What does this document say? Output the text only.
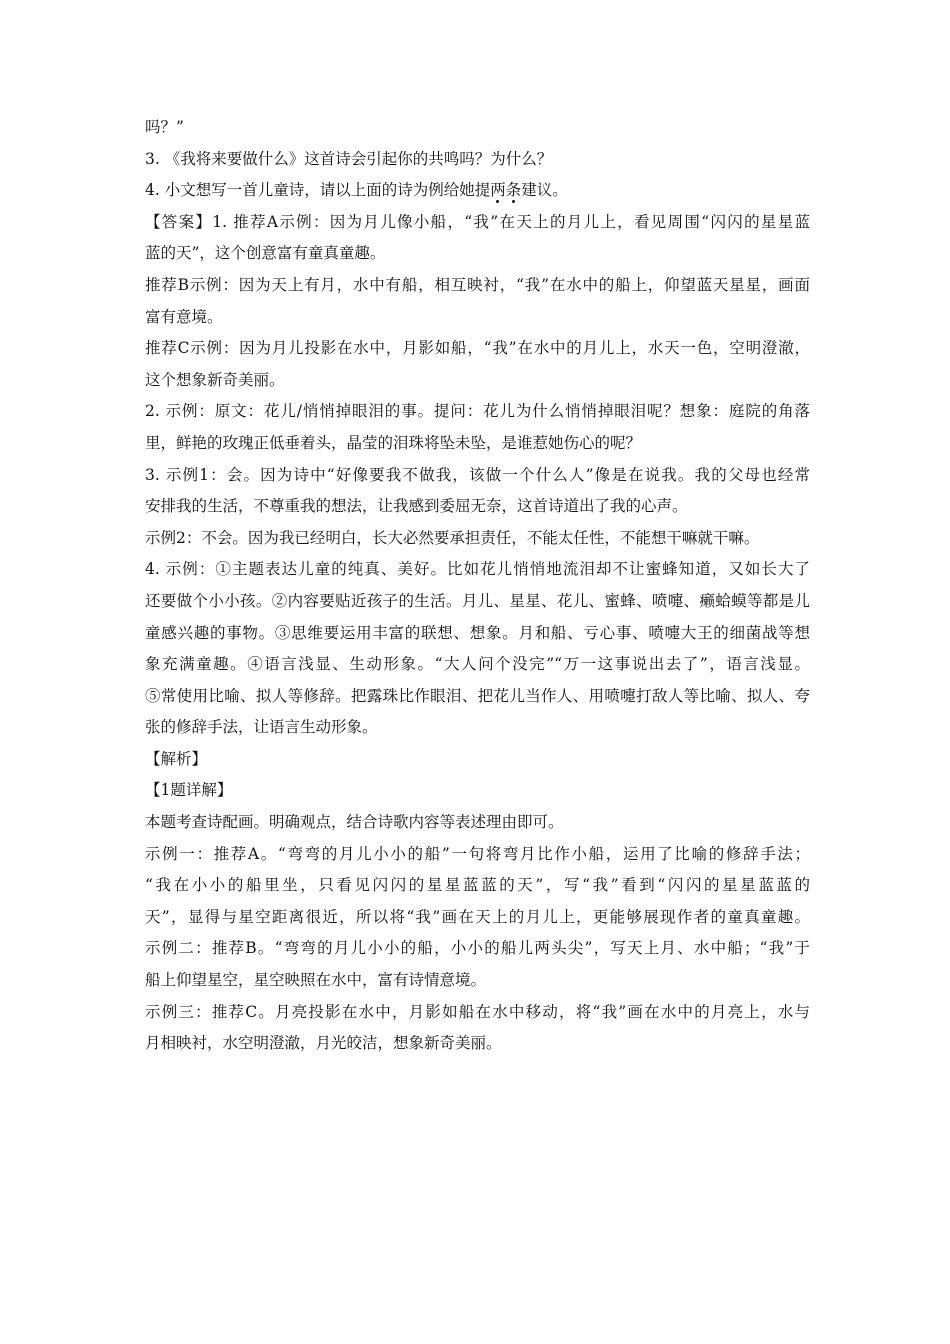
吗？”
3. 《我将来要做什么》这首诗会引起你的共鸣吗？为什么？
4. 小文想写一首儿童诗，请以上面的诗为例给她提两条建议。
【答案】1. 推荐A示例：因为月儿像小船，“我”在天上的月儿上，看见周围“闪闪的星星蓝
蓝的天”，这个创意富有童真童趣。
推荐B示例：因为天上有月，水中有船，相互映衬，“我”在水中的船上，仰望蓝天星星，画面
富有意境。
推荐C示例：因为月儿投影在水中，月影如船，“我”在水中的月儿上，水天一色，空明澄澈，
这个想象新奇美丽。
2. 示例：原文：花儿/悄悄掉眼泪的事。提问：花儿为什么悄悄掉眼泪呢？想象：庭院的角落
里，鲜艳的玫瑰正低垂着头，晶莹的泪珠将坠未坠，是谁惹她伤心的呢？
3. 示例1：会。因为诗中“好像要我不做我，该做一个什么人”像是在说我。我的父母也经常
安排我的生活，不尊重我的想法，让我感到委屈无奈，这首诗道出了我的心声。
示例2：不会。因为我已经明白，长大必然要承担责任，不能太任性，不能想干嘛就干嘛。
4. 示例：①主题表达儿童的纯真、美好。比如花儿悄悄地流泪却不让蜜蜂知道，又如长大了
还要做个小小孩。②内容要贴近孩子的生活。月儿、星星、花儿、蜜蜂、喷嚏、癞蛤蟆等都是儿
童感兴趣的事物。③思维要运用丰富的联想、想象。月和船、亏心事、喷嚏大王的细菌战等想
象充满童趣。④语言浅显、生动形象。“大人问个没完”“万一这事说出去了”，语言浅显。
⑤常使用比喻、拟人等修辞。把露珠比作眼泪、把花儿当作人、用喷嚏打敌人等比喻、拟人、夸
张的修辞手法，让语言生动形象。
【解析】
【1题详解】
本题考查诗配画。明确观点，结合诗歌内容等表述理由即可。
示例一：推荐A。“弯弯的月儿小小的船”一句将弯月比作小船，运用了比喻的修辞手法；
“我在小小的船里坐，只看见闪闪的星星蓝蓝的天”，写“我”看到“闪闪的星星蓝蓝的
天”，显得与星空距离很近，所以将“我”画在天上的月儿上，更能够展现作者的童真童趣。
示例二：推荐B。“弯弯的月儿小小的船，小小的船儿两头尖”，写天上月、水中船；“我”于
船上仰望星空，星空映照在水中，富有诗情意境。
示例三：推荐C。月亮投影在水中，月影如船在水中移动，将“我”画在水中的月亮上，水与
月相映衬，水空明澄澈，月光皎洁，想象新奇美丽。
